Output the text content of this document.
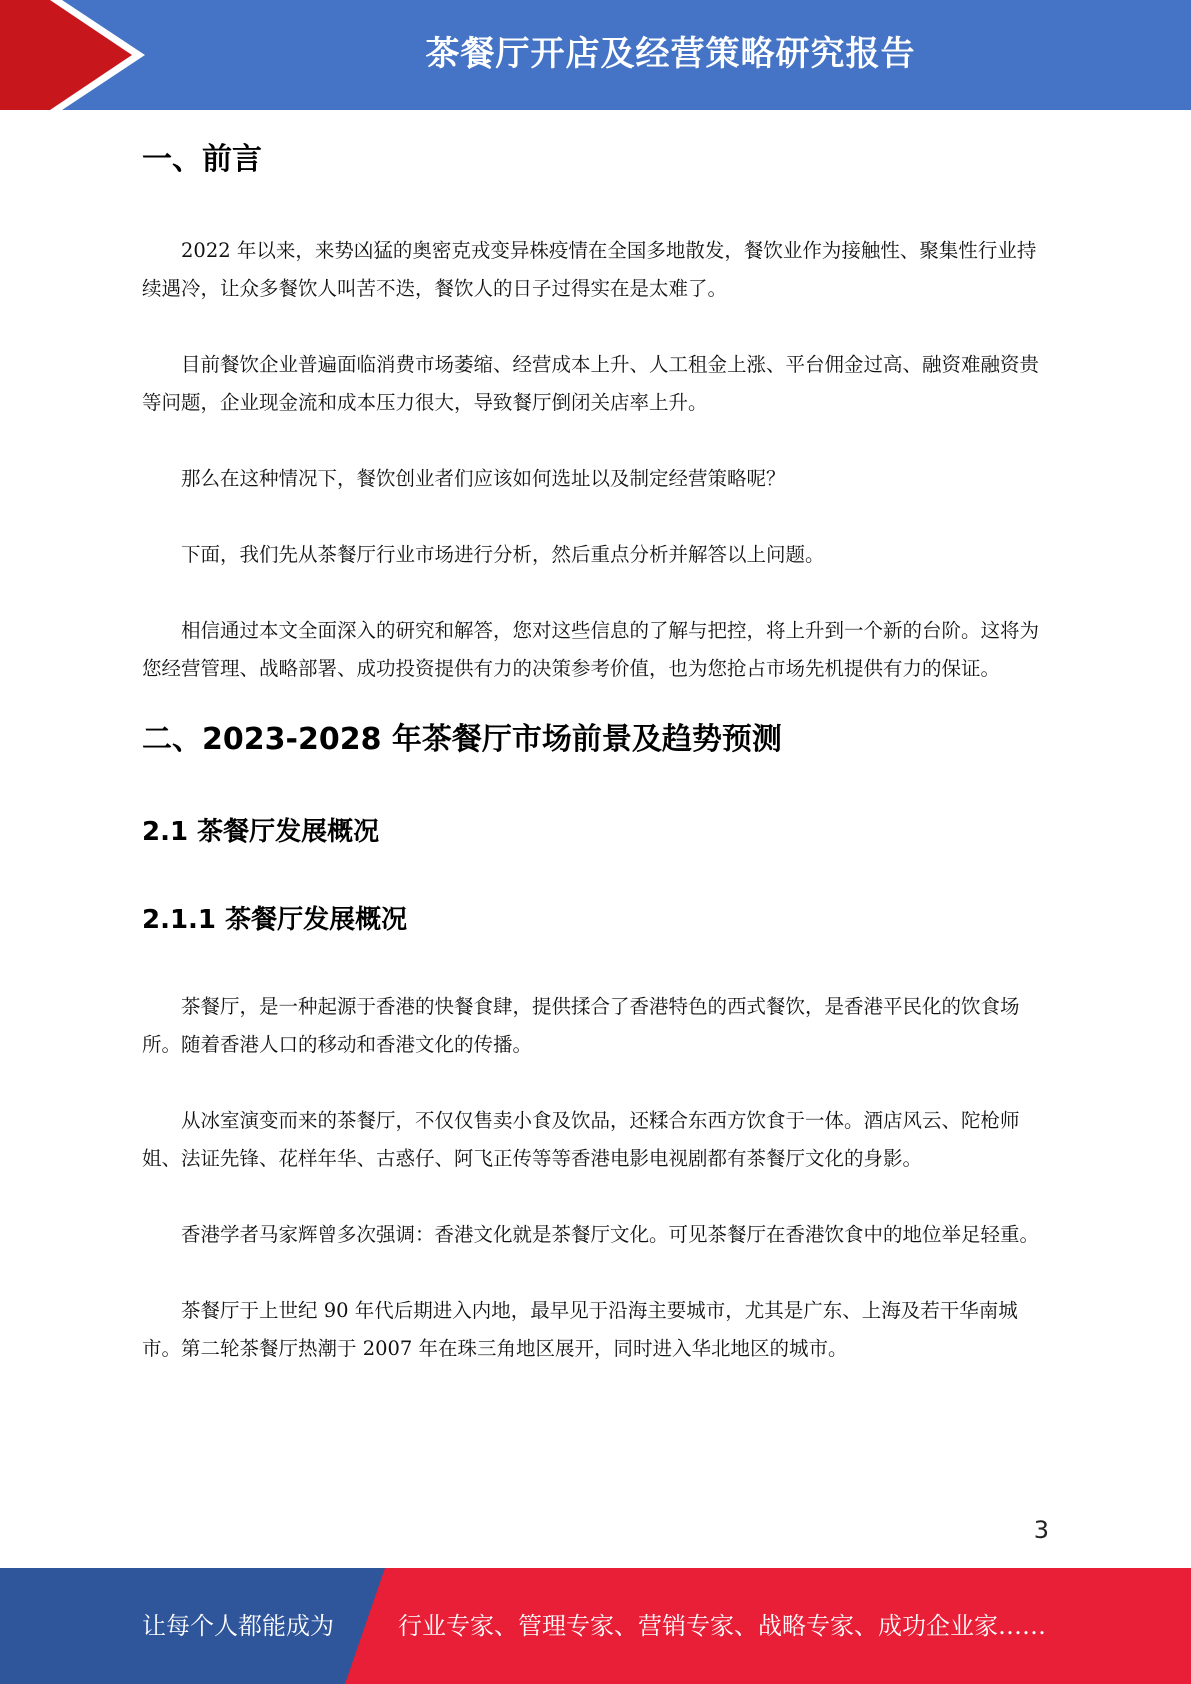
茶餐厅开店及经营策略研究报告
一、前言

2022 年以来，来势凶猛的奥密克戎变异株疫情在全国多地散发，餐饮业作为接触性、聚集性行业持续遇冷，让众多餐饮人叫苦不迭，餐饮人的日子过得实在是太难了。

目前餐饮企业普遍面临消费市场萎缩、经营成本上升、人工租金上涨、平台佣金过高、融资难融资贵等问题，企业现金流和成本压力很大，导致餐厅倒闭关店率上升。

那么在这种情况下，餐饮创业者们应该如何选址以及制定经营策略呢？

下面，我们先从茶餐厅行业市场进行分析，然后重点分析并解答以上问题。

相信通过本文全面深入的研究和解答，您对这些信息的了解与把控，将上升到一个新的台阶。这将为您经营管理、战略部署、成功投资提供有力的决策参考价值，也为您抢占市场先机提供有力的保证。

二、2023-2028 年茶餐厅市场前景及趋势预测
2.1 茶餐厅发展概况
2.1.1 茶餐厅发展概况

茶餐厅，是一种起源于香港的快餐食肆，提供揉合了香港特色的西式餐饮，是香港平民化的饮食场所。随着香港人口的移动和香港文化的传播。

从冰室演变而来的茶餐厅，不仅仅售卖小食及饮品，还糅合东西方饮食于一体。酒店风云、陀枪师姐、法证先锋、花样年华、古惑仔、阿飞正传等等香港电影电视剧都有茶餐厅文化的身影。

香港学者马家辉曾多次强调：香港文化就是茶餐厅文化。可见茶餐厅在香港饮食中的地位举足轻重。

茶餐厅于上世纪 90 年代后期进入内地，最早见于沿海主要城市，尤其是广东、上海及若干华南城市。第二轮茶餐厅热潮于 2007 年在珠三角地区展开，同时进入华北地区的城市。

3
让每个人都能成为	行业专家、管理专家、营销专家、战略专家、成功企业家……
